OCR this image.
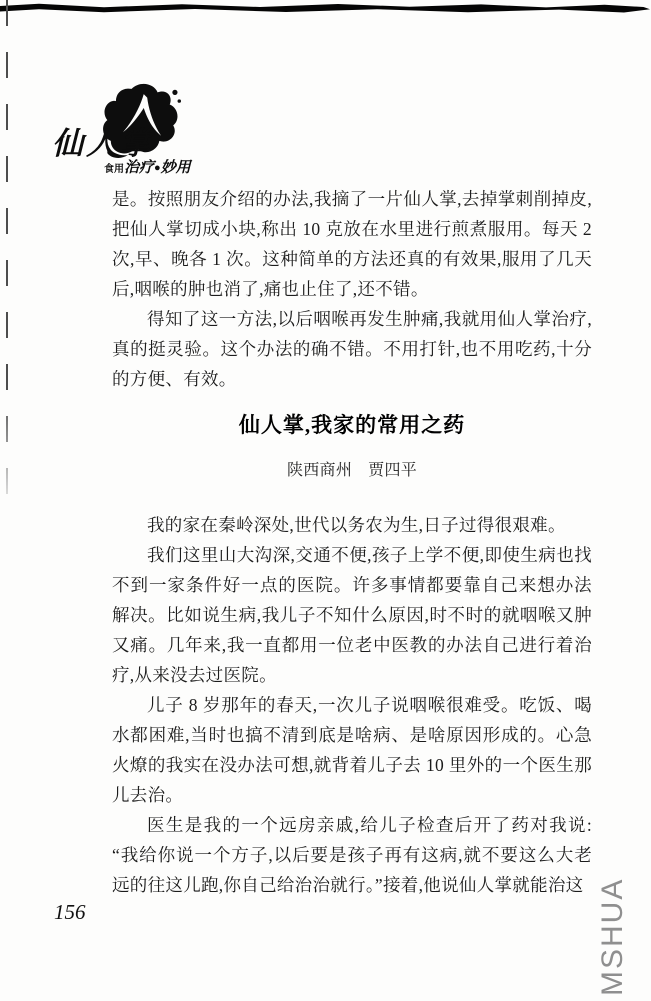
仙人掌
食用治疗●妙用

是。按照朋友介绍的办法,我摘了一片仙人掌,去掉掌刺削掉皮,把仙人掌切成小块,称出 10 克放在水里进行煎煮服用。每天 2 次,早、晚各 1 次。这种简单的方法还真的有效果,服用了几天后,咽喉的肿也消了,痛也止住了,还不错。

得知了这一方法,以后咽喉再发生肿痛,我就用仙人掌治疗,真的挺灵验。这个办法的确不错。不用打针,也不用吃药,十分的方便、有效。

仙人掌,我家的常用之药
陕西商州 贾四平

我的家在秦岭深处,世代以务农为生,日子过得很艰难。

我们这里山大沟深,交通不便,孩子上学不便,即使生病也找不到一家条件好一点的医院。许多事情都要靠自己来想办法解决。比如说生病,我儿子不知什么原因,时不时的就咽喉又肿又痛。几年来,我一直都用一位老中医教的办法自己进行着治疗,从来没去过医院。

儿子 8 岁那年的春天,一次儿子说咽喉很难受。吃饭、喝水都困难,当时也搞不清到底是啥病、是啥原因形成的。心急火燎的我实在没办法可想,就背着儿子去 10 里外的一个医生那儿去治。

医生是我的一个远房亲戚,给儿子检查后开了药对我说:“我给你说一个方子,以后要是孩子再有这病,就不要这么大老远的往这儿跑,你自己给治治就行。”接着,他说仙人掌就能治这

156	MSHUA
